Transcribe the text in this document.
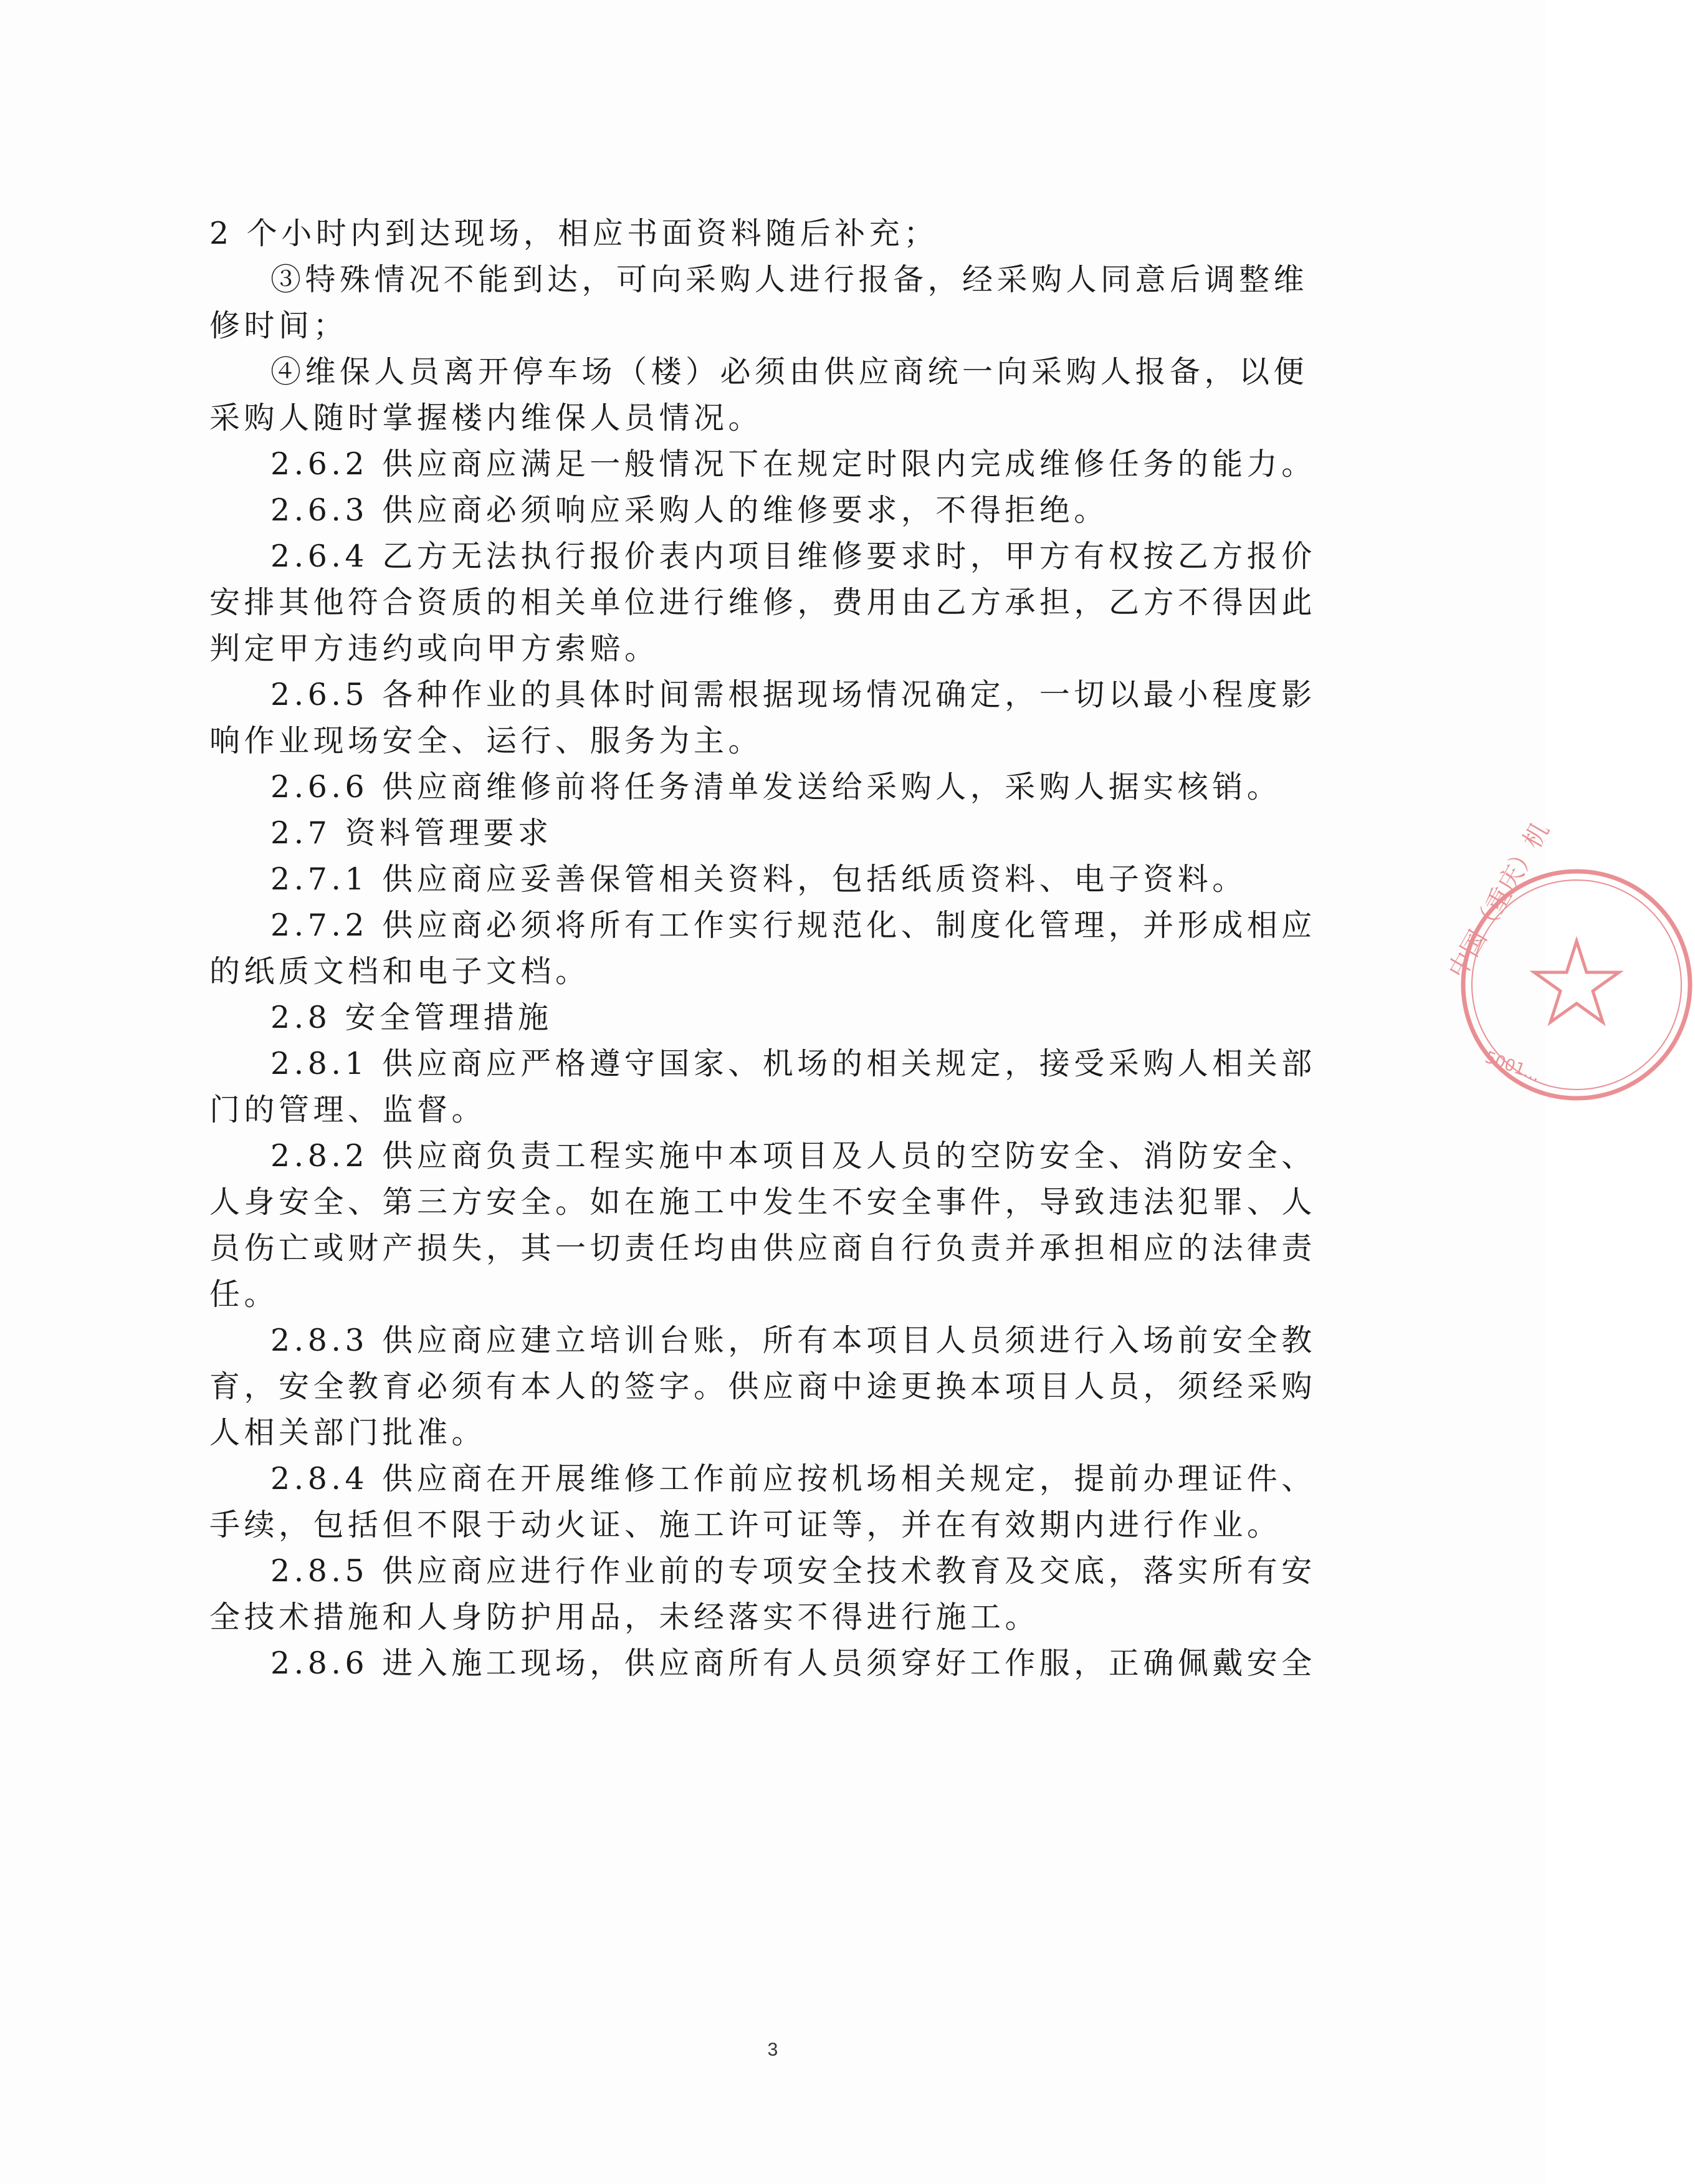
2 个小时内到达现场，相应书面资料随后补充；
③特殊情况不能到达，可向采购人进行报备，经采购人同意后调整维
修时间；
④维保人员离开停车场（楼）必须由供应商统一向采购人报备，以便
采购人随时掌握楼内维保人员情况。
2.6.2 供应商应满足一般情况下在规定时限内完成维修任务的能力。
2.6.3 供应商必须响应采购人的维修要求，不得拒绝。
2.6.4 乙方无法执行报价表内项目维修要求时，甲方有权按乙方报价
安排其他符合资质的相关单位进行维修，费用由乙方承担，乙方不得因此
判定甲方违约或向甲方索赔。
2.6.5 各种作业的具体时间需根据现场情况确定，一切以最小程度影
响作业现场安全、运行、服务为主。
2.6.6 供应商维修前将任务清单发送给采购人，采购人据实核销。
2.7 资料管理要求
2.7.1 供应商应妥善保管相关资料，包括纸质资料、电子资料。
2.7.2 供应商必须将所有工作实行规范化、制度化管理，并形成相应
的纸质文档和电子文档。
2.8 安全管理措施
2.8.1 供应商应严格遵守国家、机场的相关规定，接受采购人相关部
门的管理、监督。
2.8.2 供应商负责工程实施中本项目及人员的空防安全、消防安全、
人身安全、第三方安全。如在施工中发生不安全事件，导致违法犯罪、人
员伤亡或财产损失，其一切责任均由供应商自行负责并承担相应的法律责
任。
2.8.3 供应商应建立培训台账，所有本项目人员须进行入场前安全教
育，安全教育必须有本人的签字。供应商中途更换本项目人员，须经采购
人相关部门批准。
2.8.4 供应商在开展维修工作前应按机场相关规定，提前办理证件、
手续，包括但不限于动火证、施工许可证等，并在有效期内进行作业。
2.8.5 供应商应进行作业前的专项安全技术教育及交底，落实所有安
全技术措施和人身防护用品，未经落实不得进行施工。
2.8.6 进入施工现场，供应商所有人员须穿好工作服，正确佩戴安全
中国（重庆）机
5001…
3
